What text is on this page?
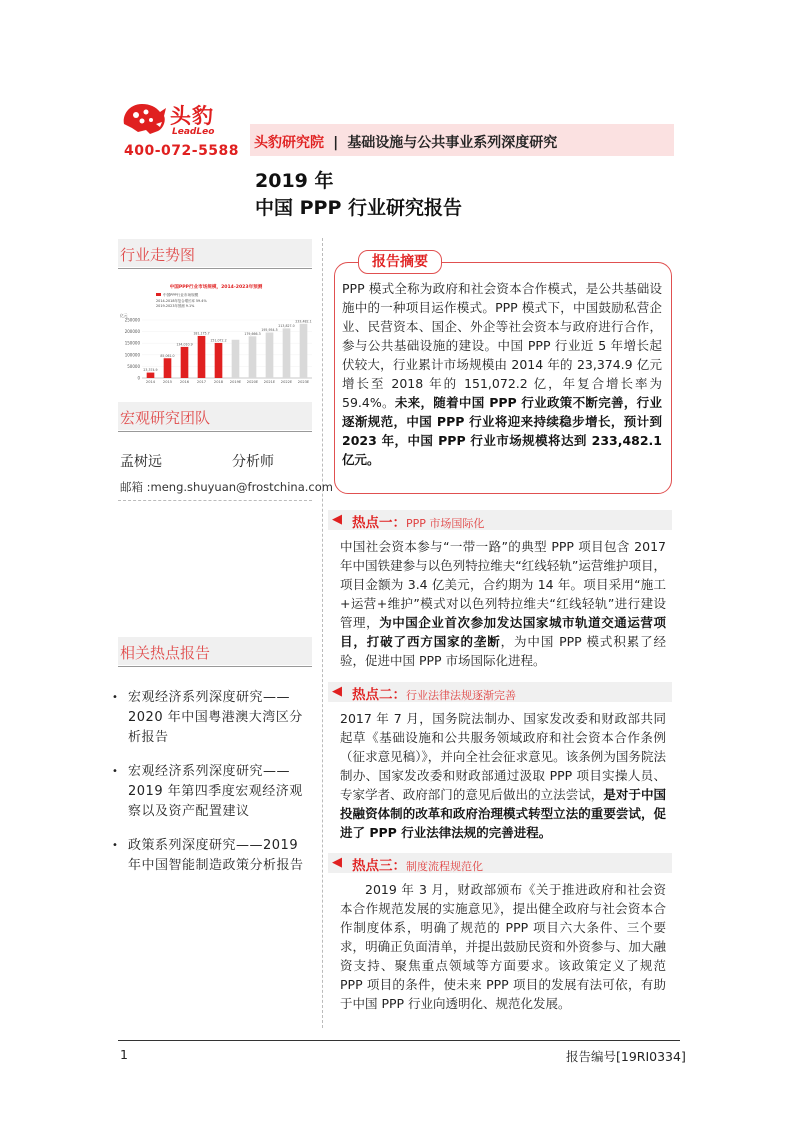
头豹
LeadLeo
400-072-5588 头豹研究院 | 基础设施与公共事业系列深度研究
2019 年
中国 PPP 行业研究报告
行业走势图
中国PPP行业市场规模，2014-2023年预测
中国PPP行业市场规模
2014-2018年复合增长率 59.4%
2019-2023年预测 9.1%
亿元
250000
200000
150000
100000
50000
0
23,374.9
2014
85,061.0
2015
134,010.9
2016
181,175.7
2017
151,072.2
2018 2019E
179,666.3
2020E
195,954.5
2021E
213,827.0
2022E
233,482.1
2023E
宏观研究团队
孟树远	分析师
邮箱 :meng.shuyuan@frostchina.com
相关热点报告
• 宏观经济系列深度研究——2020 年中国粤港澳大湾区分析报告
• 宏观经济系列深度研究——2019 年第四季度宏观经济观察以及资产配置建议
• 政策系列深度研究——2019 年中国智能制造政策分析报告
报告摘要
PPP 模式全称为政府和社会资本合作模式，是公共基础设施中的一种项目运作模式。PPP 模式下，中国鼓励私营企业、民营资本、国企、外企等社会资本与政府进行合作，参与公共基础设施的建设。中国 PPP 行业近 5 年增长起伏较大，行业累计市场规模由 2014 年的 23,374.9 亿元增长至 2018 年的 151,072.2 亿，年复合增长率为 59.4%。未来，随着中国 PPP 行业政策不断完善，行业逐渐规范，中国 PPP 行业将迎来持续稳步增长，预计到 2023 年，中国 PPP 行业市场规模将达到 233,482.1 亿元。
◀ 热点一：PPP 市场国际化
中国社会资本参与“一带一路”的典型 PPP 项目包含 2017 年中国铁建参与以色列特拉维夫“红线轻轨”运营维护项目，项目金额为 3.4 亿美元，合约期为 14 年。项目采用“施工+运营+维护”模式对以色列特拉维夫“红线轻轨”进行建设管理，为中国企业首次参加发达国家城市轨道交通运营项目，打破了西方国家的垄断，为中国 PPP 模式积累了经验，促进中国 PPP 市场国际化进程。
◀ 热点二：行业法律法规逐渐完善
2017 年 7 月，国务院法制办、国家发改委和财政部共同起草《基础设施和公共服务领域政府和社会资本合作条例（征求意见稿）》，并向全社会征求意见。该条例为国务院法制办、国家发改委和财政部通过汲取 PPP 项目实操人员、专家学者、政府部门的意见后做出的立法尝试，是对于中国投融资体制的改革和政府治理模式转型立法的重要尝试，促进了 PPP 行业法律法规的完善进程。
◀ 热点三：制度流程规范化
2019 年 3 月，财政部颁布《关于推进政府和社会资本合作规范发展的实施意见》，提出健全政府与社会资本合作制度体系，明确了规范的 PPP 项目六大条件、三个要求，明确正负面清单，并提出鼓励民资和外资参与、加大融资支持、聚焦重点领域等方面要求。该政策定义了规范 PPP 项目的条件，使未来 PPP 项目的发展有法可依，有助于中国 PPP 行业向透明化、规范化发展。
1	报告编号[19RI0334]
